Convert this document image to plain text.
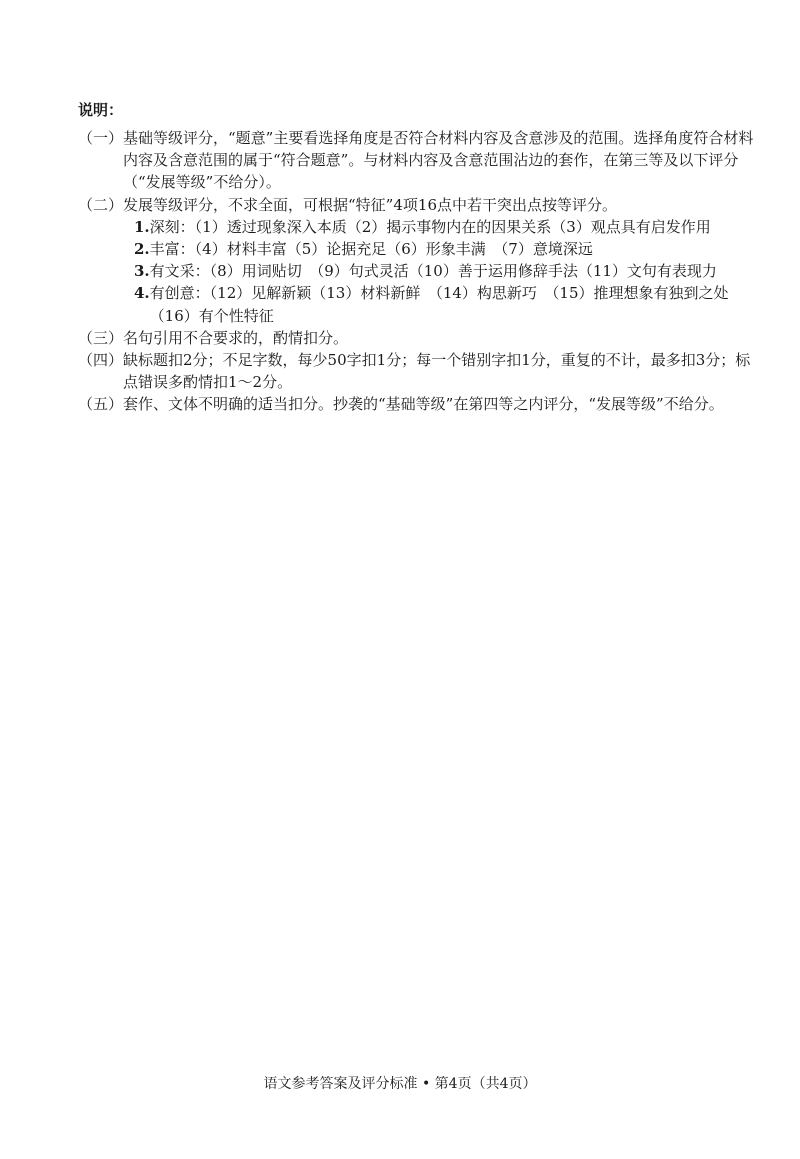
说明：
（一） 基础等级评分，“题意”主要看选择角度是否符合材料内容及含意涉及的范围。选择角度符合材料内容及含意范围的属于“符合题意”。与材料内容及含意范围沾边的套作，在第三等及以下评分（“发展等级”不给分）。
（二） 发展等级评分，不求全面，可根据“特征”4项16点中若干突出点按等评分。
1. 深刻：（1）透过现象深入本质（2）揭示事物内在的因果关系（3）观点具有启发作用
2. 丰富：（4）材料丰富（5）论据充足（6）形象丰满　（7）意境深远
3. 有文采：（8）用词贴切　（9）句式灵活（10）善于运用修辞手法（11）文句有表现力
4. 有创意：（12）见解新颖（13）材料新鲜　（14）构思新巧　（15）推理想象有独到之处　（16）有个性特征
（三） 名句引用不合要求的，酌情扣分。
（四） 缺标题扣2分；不足字数，每少50字扣1分；每一个错别字扣1分，重复的不计，最多扣3分；标点错误多酌情扣1～2分。
（五） 套作、文体不明确的适当扣分。抄袭的“基础等级”在第四等之内评分，“发展等级”不给分。
语文参考答案及评分标准 • 第4页（共4页）
